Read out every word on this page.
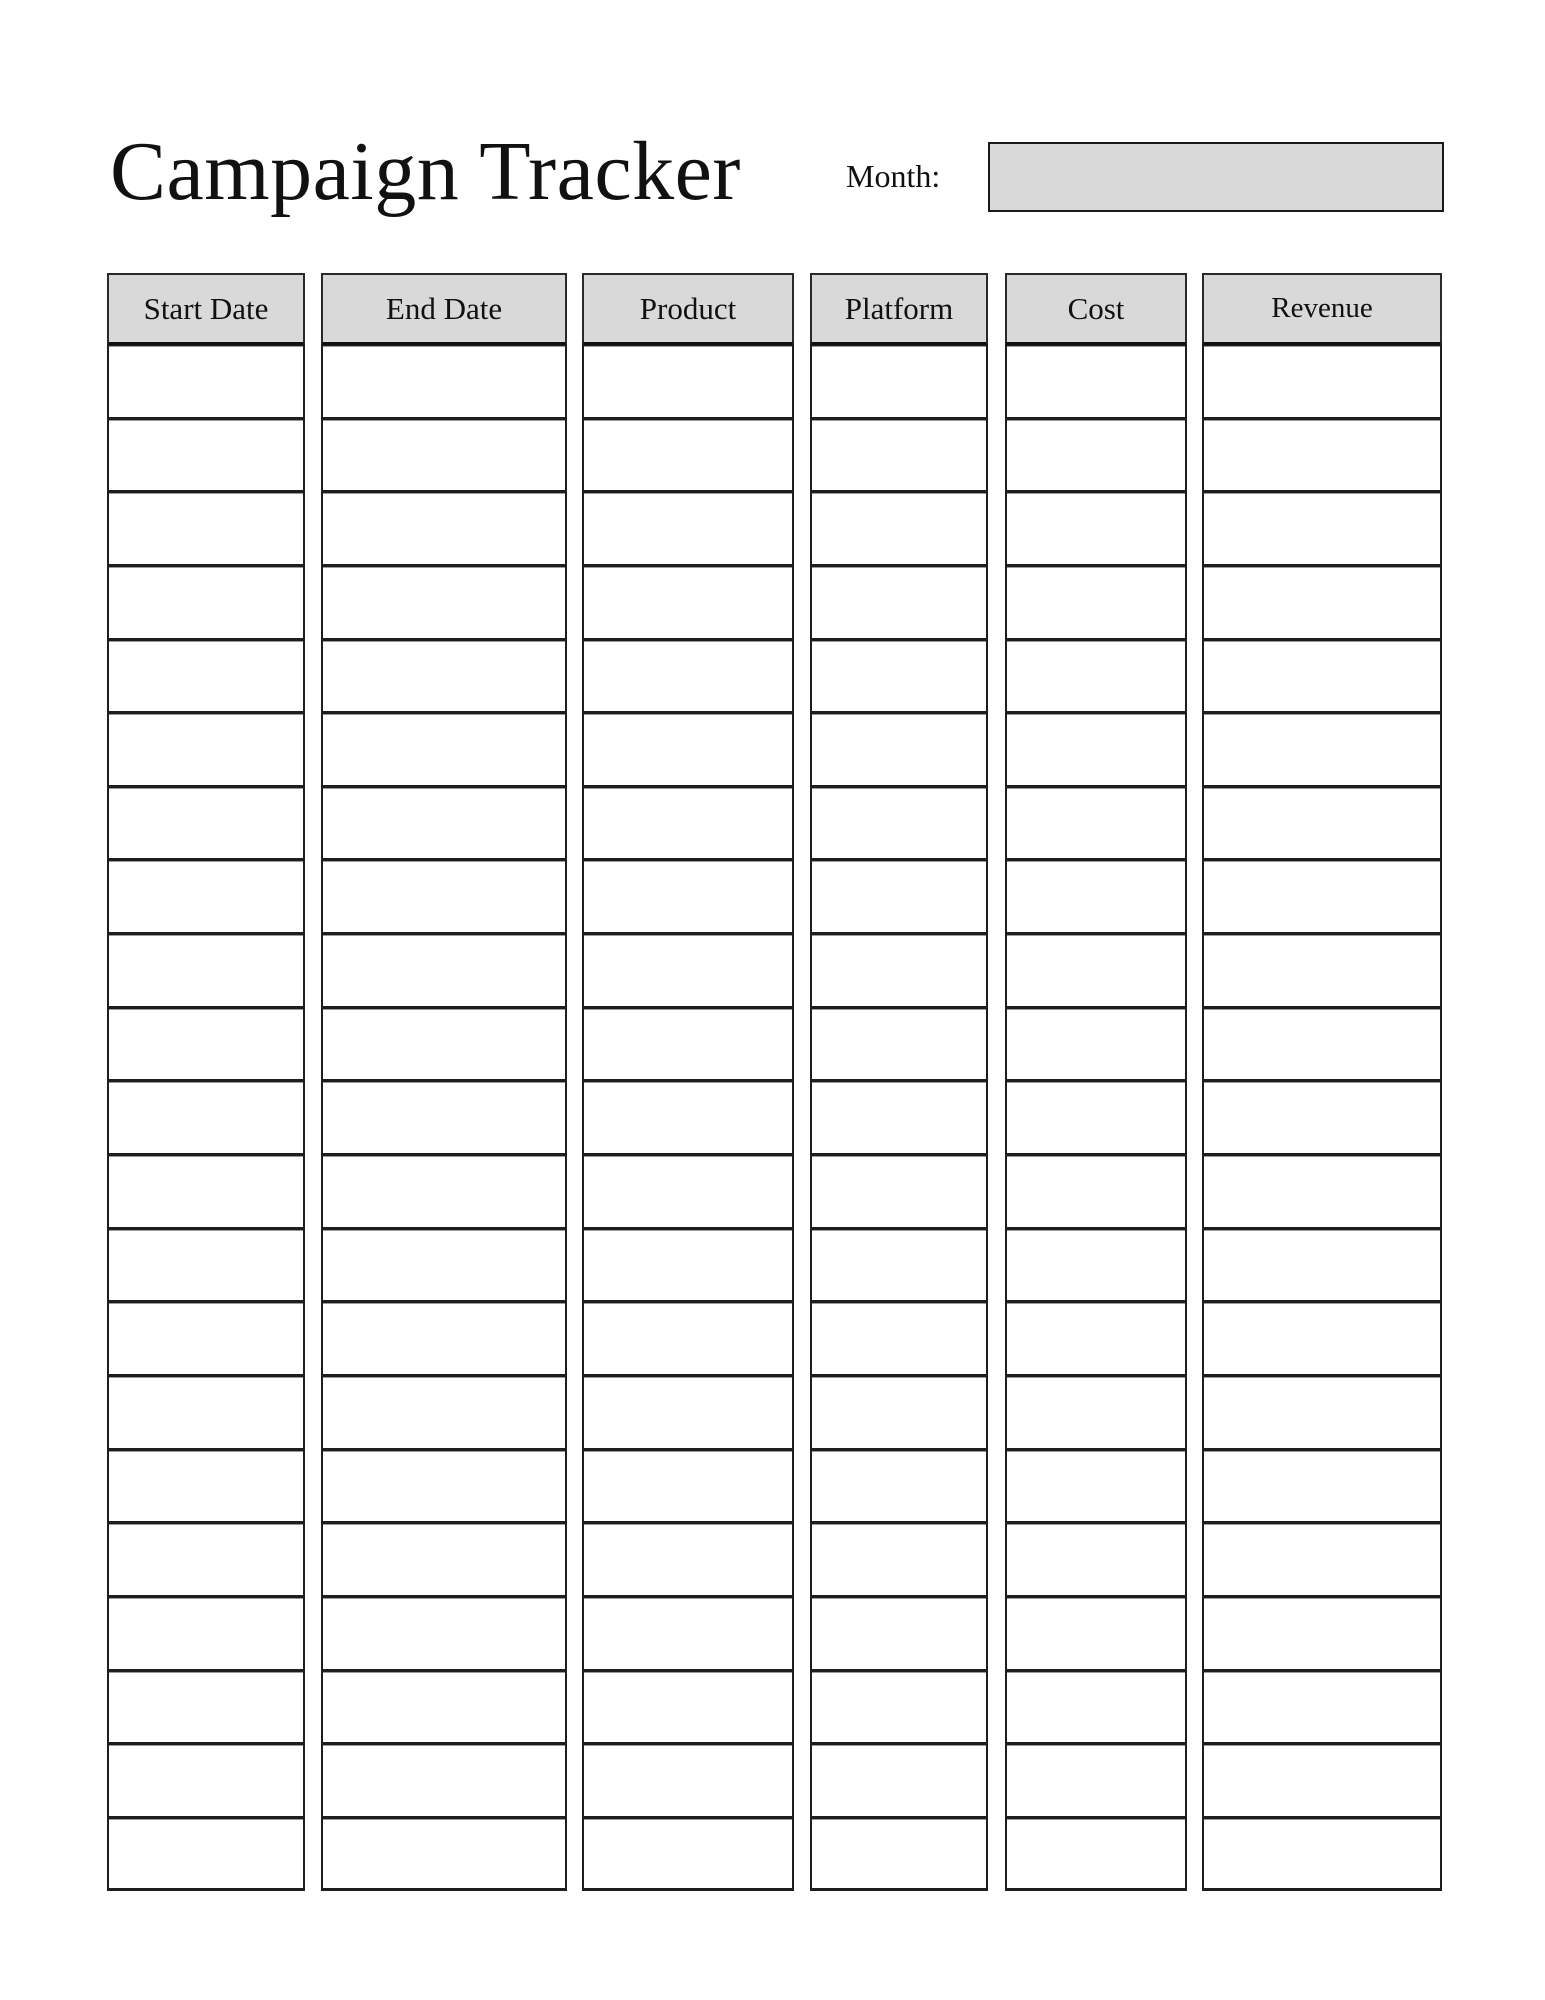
Campaign Tracker	Month:
Start Date	End Date	Product	Platform	Cost	Revenue
